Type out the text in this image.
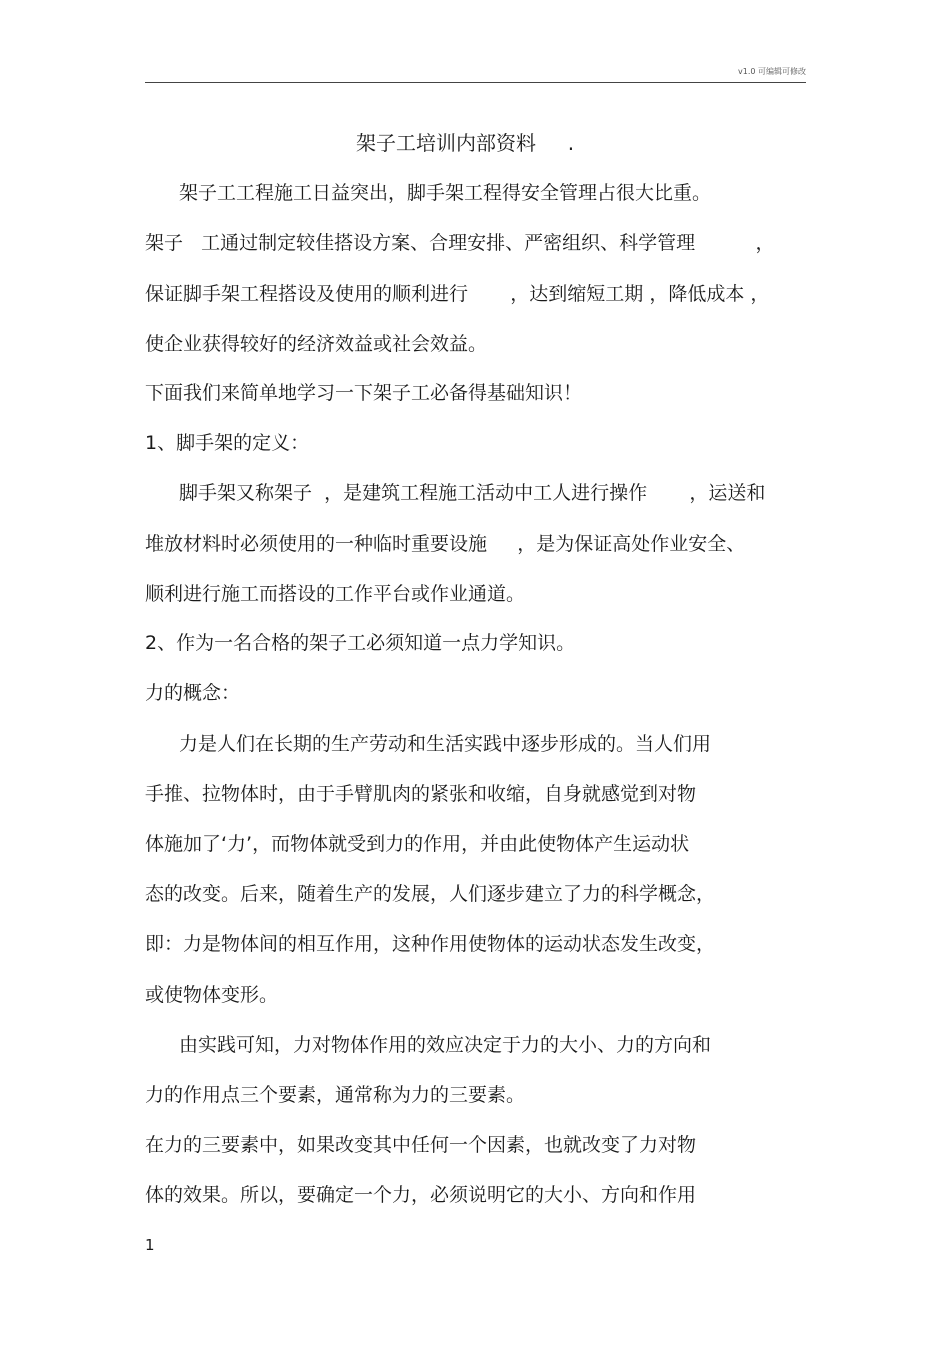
v1.0 可编辑可修改
架子工培训内部资料     .
架子工工程施工日益突出，脚手架工程得安全管理占很大比重。
架子   工通过制定较佳搭设方案、合理安排、严密组织、科学管理          ，
保证脚手架工程搭设及使用的顺利进行       ，达到缩短工期 ，降低成本 ，
使企业获得较好的经济效益或社会效益。
下面我们来简单地学习一下架子工必备得基础知识！
1、脚手架的定义：
脚手架又称架子  ，是建筑工程施工活动中工人进行操作       ，运送和
堆放材料时必须使用的一种临时重要设施     ，是为保证高处作业安全、
顺利进行施工而搭设的工作平台或作业通道。
2、作为一名合格的架子工必须知道一点力学知识。
力的概念：
力是人们在长期的生产劳动和生活实践中逐步形成的。当人们用
手推、拉物体时，由于手臂肌肉的紧张和收缩，自身就感觉到对物
体施加了‘力’，而物体就受到力的作用，并由此使物体产生运动状
态的改变。后来，随着生产的发展，人们逐步建立了力的科学概念，
即：力是物体间的相互作用，这种作用使物体的运动状态发生改变，
或使物体变形。
由实践可知，力对物体作用的效应决定于力的大小、力的方向和
力的作用点三个要素，通常称为力的三要素。
在力的三要素中，如果改变其中任何一个因素，也就改变了力对物
体的效果。所以，要确定一个力，必须说明它的大小、方向和作用
1
